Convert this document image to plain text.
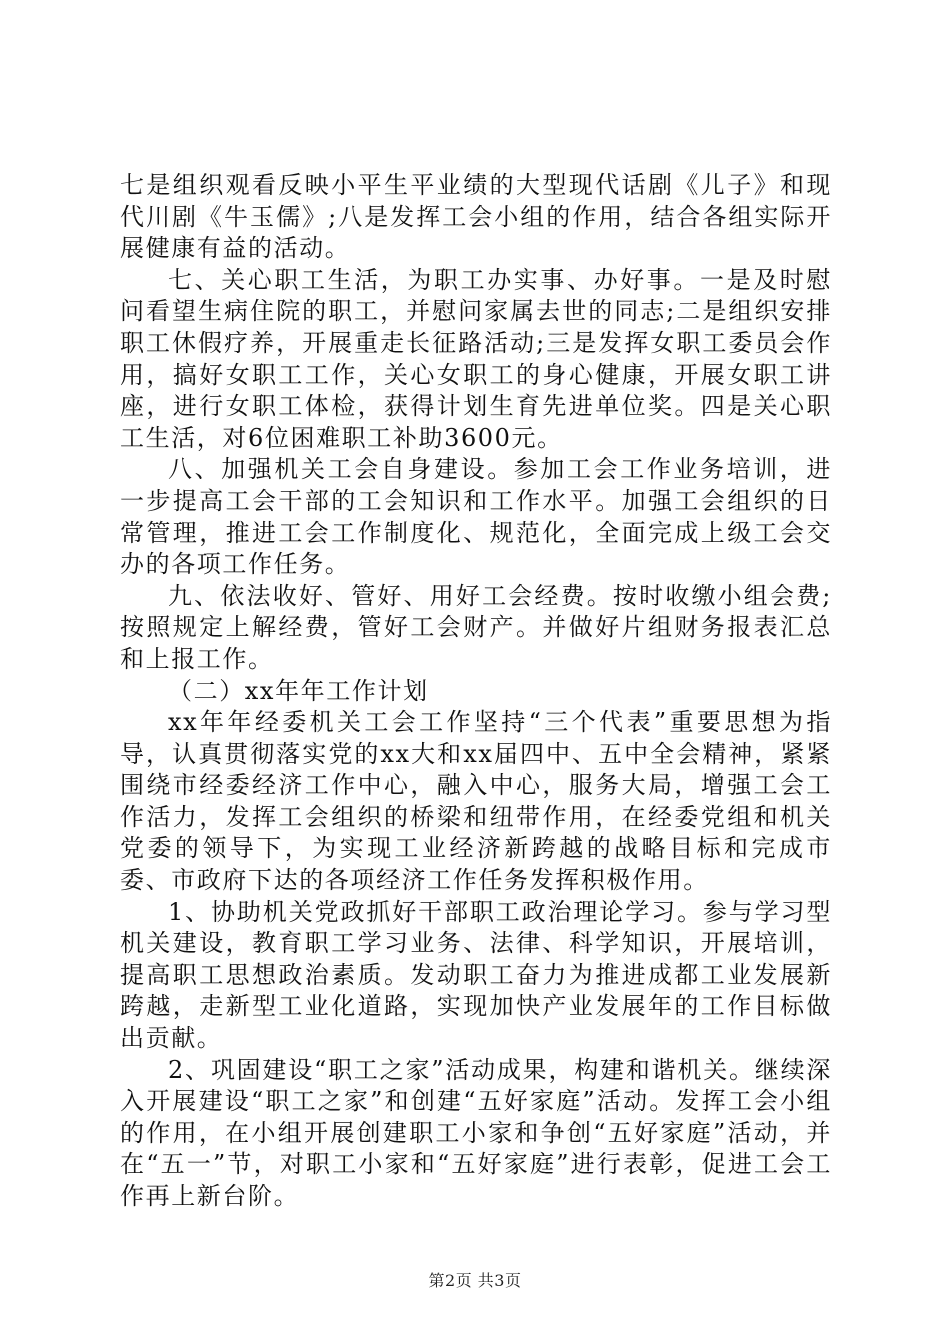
七是组织观看反映小平生平业绩的大型现代话剧《儿子》和现代川剧《牛玉儒》;八是发挥工会小组的作用，结合各组实际开展健康有益的活动。

七、关心职工生活，为职工办实事、办好事。一是及时慰问看望生病住院的职工，并慰问家属去世的同志;二是组织安排职工休假疗养，开展重走长征路活动;三是发挥女职工委员会作用，搞好女职工工作，关心女职工的身心健康，开展女职工讲座，进行女职工体检，获得计划生育先进单位奖。四是关心职工生活，对6位困难职工补助3600元。

八、加强机关工会自身建设。参加工会工作业务培训，进一步提高工会干部的工会知识和工作水平。加强工会组织的日常管理，推进工会工作制度化、规范化，全面完成上级工会交办的各项工作任务。

九、依法收好、管好、用好工会经费。按时收缴小组会费;按照规定上解经费，管好工会财产。并做好片组财务报表汇总和上报工作。

（二）xx年年工作计划

xx年年经委机关工会工作坚持“三个代表”重要思想为指导，认真贯彻落实党的xx大和xx届四中、五中全会精神，紧紧围绕市经委经济工作中心，融入中心，服务大局，增强工会工作活力，发挥工会组织的桥梁和纽带作用，在经委党组和机关党委的领导下，为实现工业经济新跨越的战略目标和完成市委、市政府下达的各项经济工作任务发挥积极作用。

1、协助机关党政抓好干部职工政治理论学习。参与学习型机关建设，教育职工学习业务、法律、科学知识，开展培训，提高职工思想政治素质。发动职工奋力为推进成都工业发展新跨越，走新型工业化道路，实现加快产业发展年的工作目标做出贡献。

2、巩固建设“职工之家”活动成果，构建和谐机关。继续深入开展建设“职工之家”和创建“五好家庭”活动。发挥工会小组的作用，在小组开展创建职工小家和争创“五好家庭”活动，并在“五一”节，对职工小家和“五好家庭”进行表彰，促进工会工作再上新台阶。

第2页 共3页
